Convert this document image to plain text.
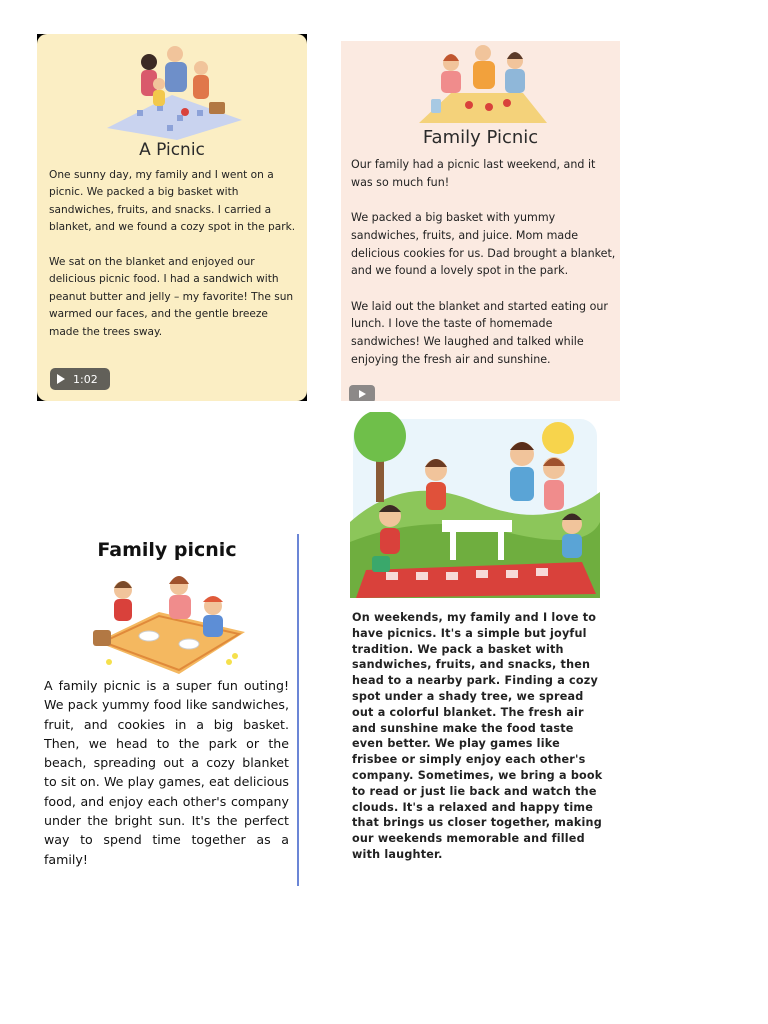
A Picnic

One sunny day, my family and I went on a picnic. We packed a big basket with sandwiches, fruits, and snacks. I carried a blanket, and we found a cozy spot in the park.

We sat on the blanket and enjoyed our delicious picnic food. I had a sandwich with peanut butter and jelly – my favorite! The sun warmed our faces, and the gentle breeze made the trees sway.

1:02
Family Picnic

Our family had a picnic last weekend, and it was so much fun!

We packed a big basket with yummy sandwiches, fruits, and juice. Mom made delicious cookies for us. Dad brought a blanket, and we found a lovely spot in the park.

We laid out the blanket and started eating our lunch. I love the taste of homemade sandwiches! We laughed and talked while enjoying the fresh air and sunshine.

Family picnic
A family picnic is a super fun outing! We pack yummy food like sandwiches, fruit, and cookies in a big basket. Then, we head to the park or the beach, spreading out a cozy blanket to sit on. We play games, eat delicious food, and enjoy each other's company under the bright sun. It's the perfect way to spend time together as a family!
On weekends, my family and I love to have picnics. It's a simple but joyful tradition. We pack a basket with sandwiches, fruits, and snacks, then head to a nearby park. Finding a cozy spot under a shady tree, we spread out a colorful blanket. The fresh air and sunshine make the food taste even better. We play games like frisbee or simply enjoy each other's company. Sometimes, we bring a book to read or just lie back and watch the clouds. It's a relaxed and happy time that brings us closer together, making our weekends memorable and filled with laughter.
